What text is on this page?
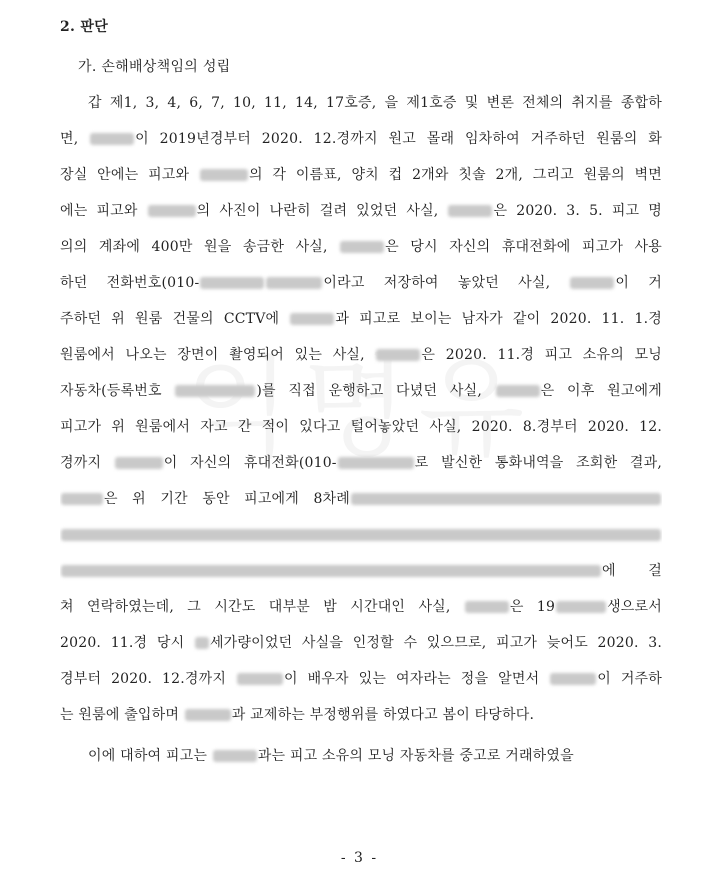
2. 판단
가. 손해배상책임의 성립
갑 제1, 3, 4, 6, 7, 10, 11, 14, 17호증, 을 제1호증 및 변론 전체의 취지를 종합하
면,	이 2019년경부터 2020. 12.경까지 원고 몰래 임차하여 거주하던 원룸의 화
장실 안에는 피고와	의 각 이름표, 양치 컵 2개와 칫솔 2개, 그리고 원룸의 벽면
에는 피고와	의 사진이 나란히 걸려 있었던 사실,	은 2020. 3. 5. 피고 명
의의 계좌에 400만 원을 송금한 사실,	은 당시 자신의 휴대전화에 피고가 사용
하던 전화번호(010-	이라고 저장하여 놓았던 사실,	이 거
주하던 위 원룸 건물의 CCTV에	과 피고로 보이는 남자가 같이 2020. 11. 1.경
원룸에서 나오는 장면이 촬영되어 있는 사실,	은 2020. 11.경 피고 소유의 모닝
자동차(등록번호	)를 직접 운행하고 다녔던 사실,	은 이후 원고에게
피고가 위 원룸에서 자고 간 적이 있다고 털어놓았던 사실, 2020. 8.경부터 2020. 12.
경까지	이 자신의 휴대전화(010-	로 발신한 통화내역을 조회한 결과,
은 위 기간 동안 피고에게 8차례
에 걸
쳐 연락하였는데, 그 시간도 대부분 밤 시간대인 사실,	은 19	생으로서
2020. 11.경 당시 세가량이었던 사실을 인정할 수 있으므로, 피고가 늦어도 2020. 3.
경부터 2020. 12.경까지	이 배우자 있는 여자라는 정을 알면서	이 거주하
는 원룸에 출입하며	과 교제하는 부정행위를 하였다고 봄이 타당하다.
이에 대하여 피고는	과는 피고 소유의 모닝 자동차를 중고로 거래하였을
- 3 -
